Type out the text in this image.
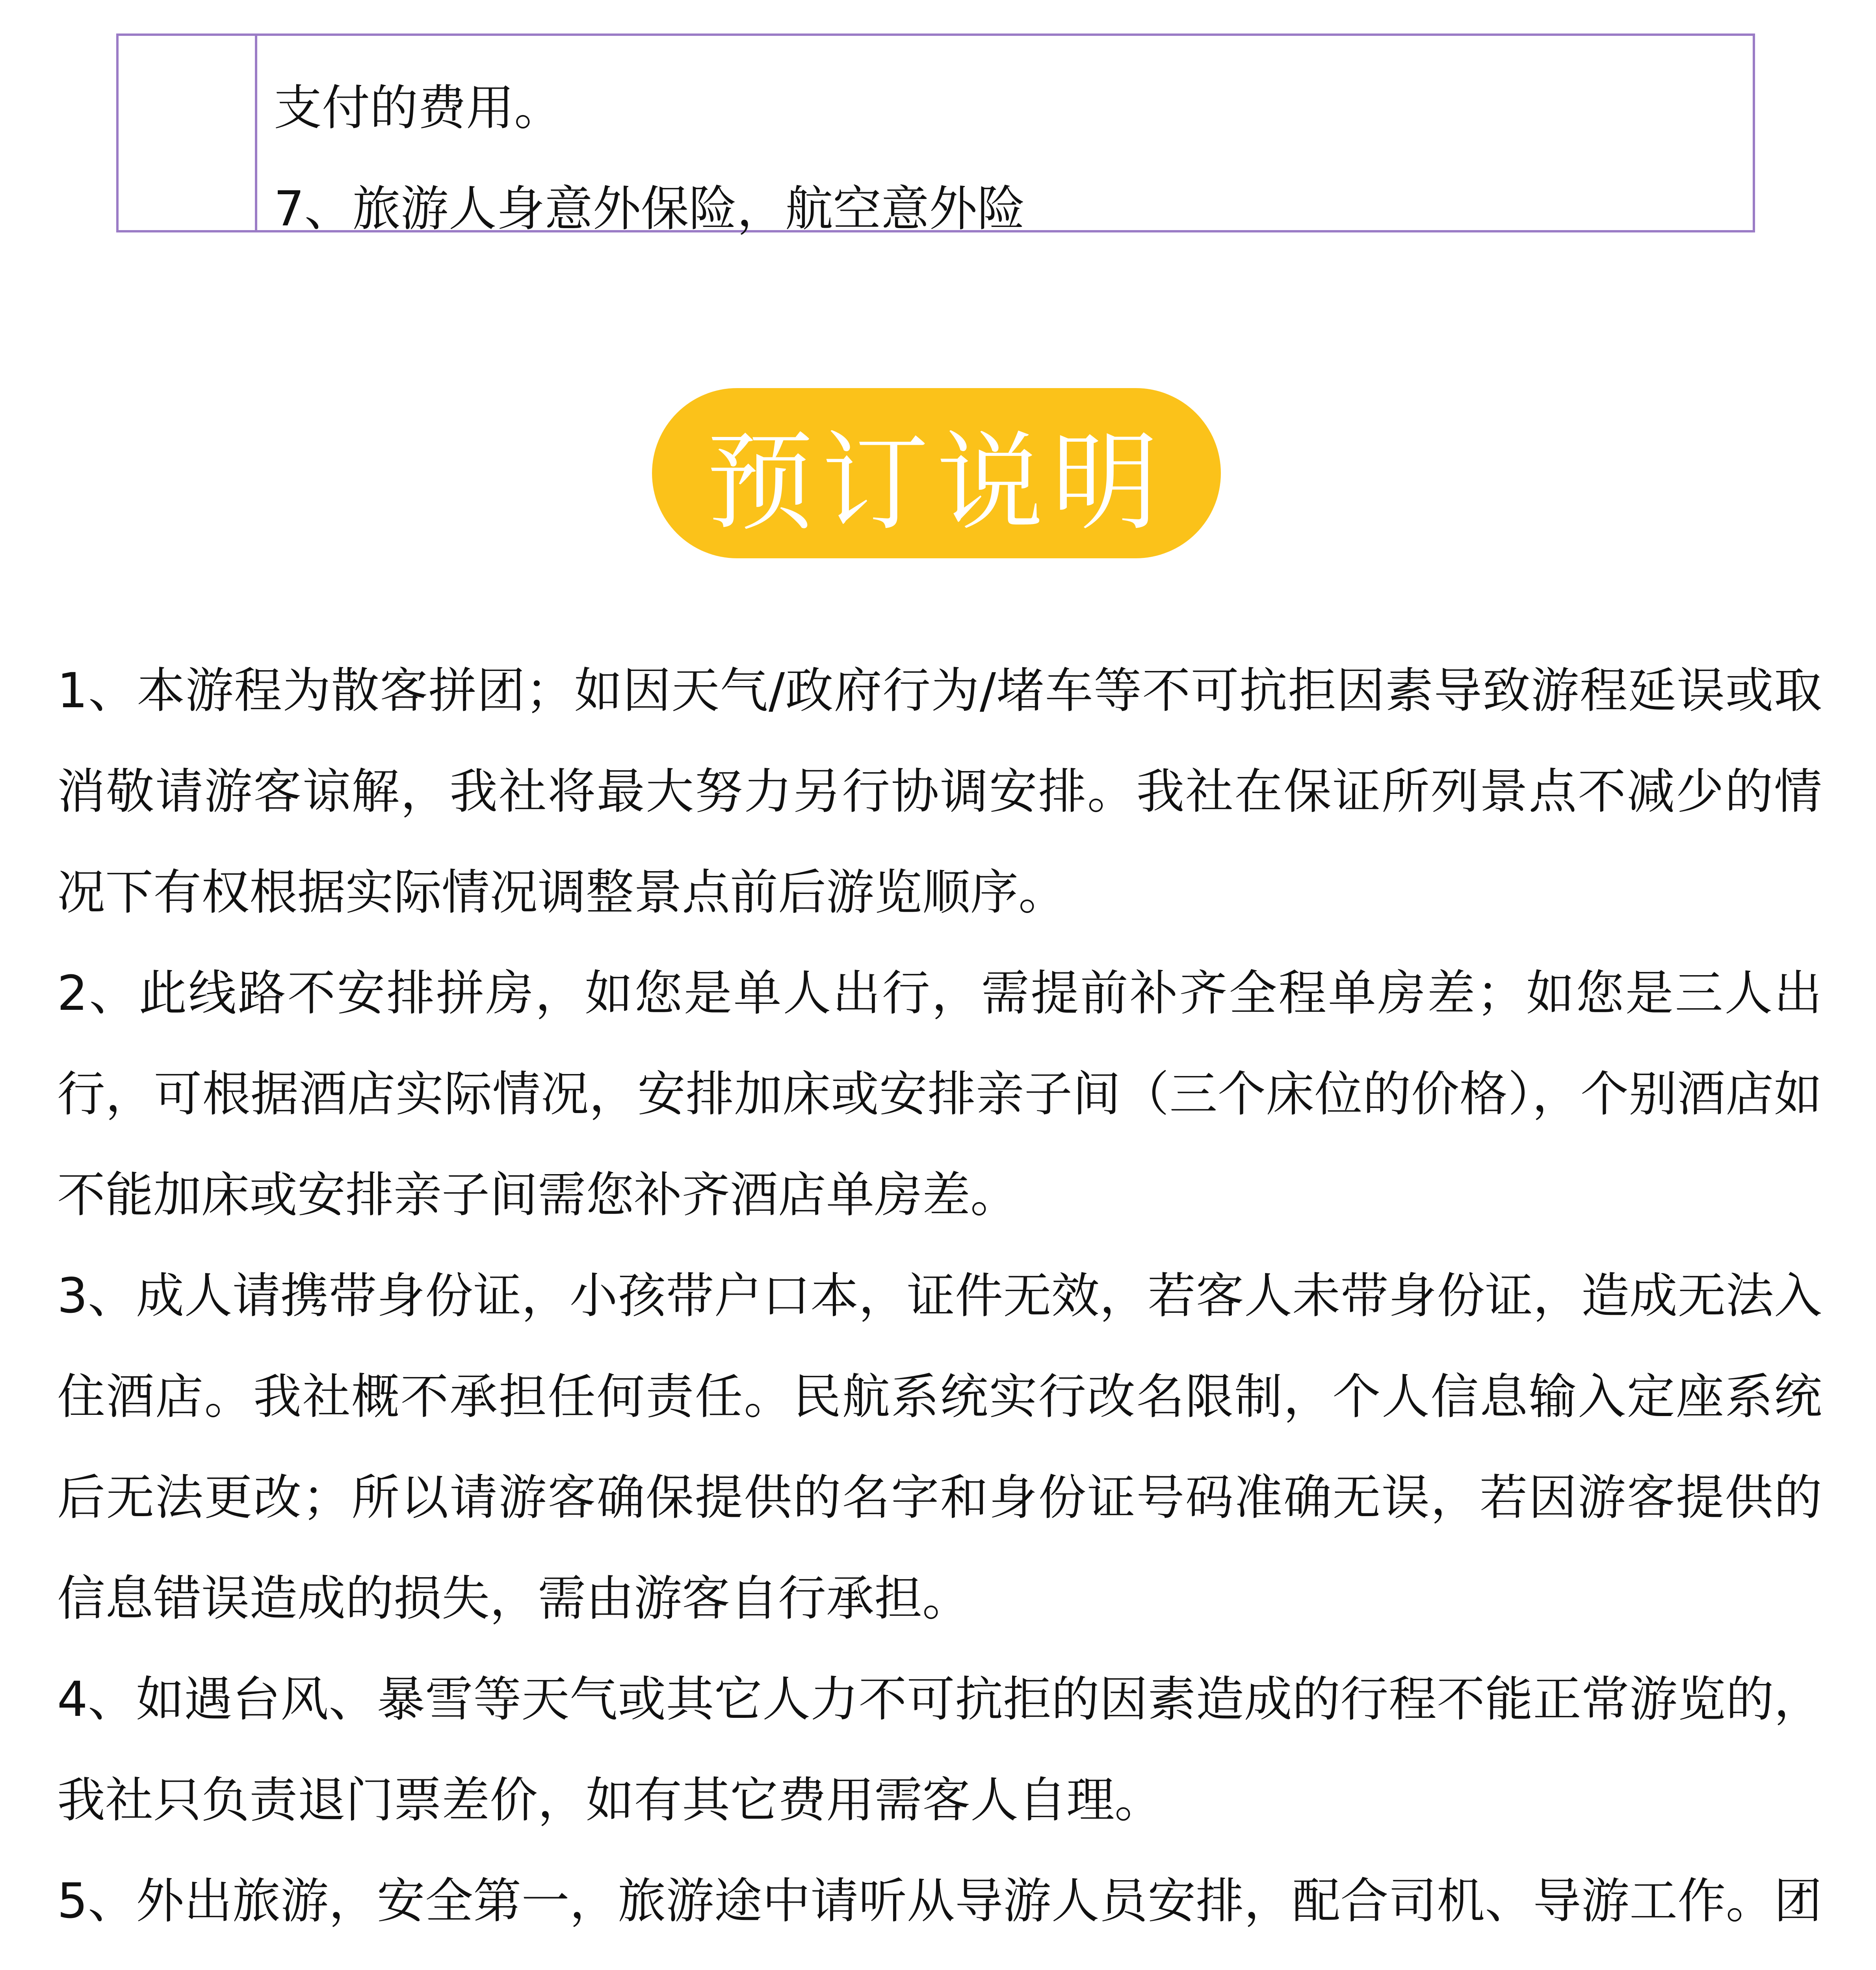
支付的费用。
7、旅游人身意外保险，航空意外险
预订说明
1、本游程为散客拼团；如因天气/政府行为/堵车等不可抗拒因素导致游程延误或取消敬请游客谅解，我社将最大努力另行协调安排。我社在保证所列景点不减少的情况下有权根据实际情况调整景点前后游览顺序。
2、此线路不安排拼房，如您是单人出行，需提前补齐全程单房差；如您是三人出行，可根据酒店实际情况，安排加床或安排亲子间（三个床位的价格），个别酒店如不能加床或安排亲子间需您补齐酒店单房差。
3、成人请携带身份证，小孩带户口本，证件无效，若客人未带身份证，造成无法入住酒店。我社概不承担任何责任。民航系统实行改名限制，个人信息输入定座系统后无法更改；所以请游客确保提供的名字和身份证号码准确无误，若因游客提供的信息错误造成的损失，需由游客自行承担。
4、如遇台风、暴雪等天气或其它人力不可抗拒的因素造成的行程不能正常游览的，我社只负责退门票差价，如有其它费用需客人自理。
5、外出旅游，安全第一，旅游途中请听从导游人员安排，配合司机、导游工作。团
